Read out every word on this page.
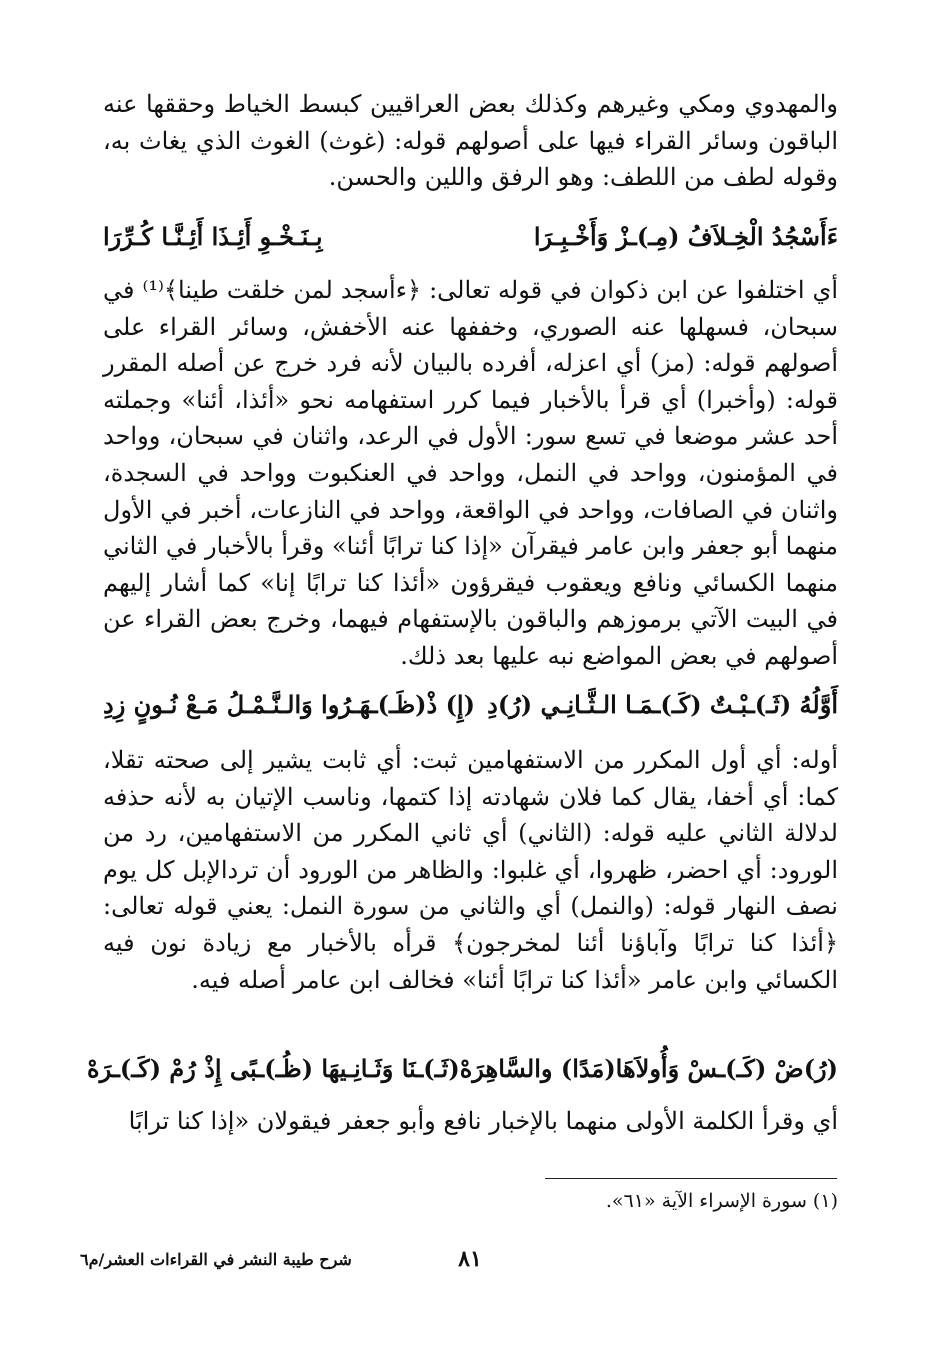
والمهدوي ومكي وغيرهم وكذلك بعض العراقيين كبسط الخياط وحققها عنه الباقون وسائر القراء فيها على أصولهم قوله: (غوث) الغوث الذي يغاث به، وقوله لطف من اللطف: وهو الرفق واللين والحسن.
ءَأَسْجُدُ الْخِـلاَفُ (مِـ)ـزْ وَأَخْـبِـرَا
بِـنَـخْـوِ أَئِـذَا أَئِـنَّـا كُـرِّرَا
أي اختلفوا عن ابن ذكوان في قوله تعالى: ﴿ءأسجد لمن خلقت طينا﴾⁽¹⁾ في سبحان، فسهلها عنه الصوري، وخففها عنه الأخفش، وسائر القراء على أصولهم قوله: (مز) أي اعزله، أفرده بالبيان لأنه فرد خرج عن أصله المقرر قوله: (وأخبرا) أي قرأ بالأخبار فيما كرر استفهامه نحو «أئذا، أئنا» وجملته أحد عشر موضعا في تسع سور: الأول في الرعد، واثنان في سبحان، وواحد في المؤمنون، وواحد في النمل، وواحد في العنكبوت وواحد في السجدة، واثنان في الصافات، وواحد في الواقعة، وواحد في النازعات، أخبر في الأول منهما أبو جعفر وابن عامر فيقرآن «إذا كنا ترابًا أئنا» وقرأ بالأخبار في الثاني منهما الكسائي ونافع ويعقوب فيقرؤون «أئذا كنا ترابًا إنا» كما أشار إليهم في البيت الآتي برموزهم والباقون بالإستفهام فيهما، وخرج بعض القراء عن أصولهم في بعض المواضع نبه عليها بعد ذلك.
أَوَّلُهُ (ثَـ)ـبْـتٌ (كَـ)ـمَـا الـثَّـانِـي (رُ)دِ
(إِ) ذْ(ظَـ)ـهَـرُوا وَالـنَّـمْـلُ مَـعْ نُـونٍ زِدِ
أوله: أي أول المكرر من الاستفهامين ثبت: أي ثابت يشير إلى صحته تقلا، كما: أي أخفا، يقال كما فلان شهادته إذا كتمها، وناسب الإتيان به لأنه حذفه لدلالة الثاني عليه قوله: (الثاني) أي ثاني المكرر من الاستفهامين، رد من الورود: أي احضر، ظهروا، أي غلبوا: والظاهر من الورود أن تردالإبل كل يوم نصف النهار قوله: (والنمل) أي والثاني من سورة النمل: يعني قوله تعالى: ﴿أئذا كنا ترابًا وآباؤنا أئنا لمخرجون﴾ قرأه بالأخبار مع زيادة نون فيه الكسائي وابن عامر «أئذا كنا ترابًا أئنا» فخالف ابن عامر أصله فيه.
(رُ)ضْ (كَـ)ـسْ وَأُولاَهَا(مَدًا) والسَّاهِرَهْ
(ثَـ)ـنَا وَثَـانِـيهَا (ظُـ)ـبًى إِذْ رُمْ (كَـ)ـرَهْ
أي وقرأ الكلمة الأولى منهما بالإخبار نافع وأبو جعفر فيقولان «إذا كنا ترابًا
(١) سورة الإسراء الآية «٦١».
٨١
شرح طيبة النشر في القراءات العشر/م٦
